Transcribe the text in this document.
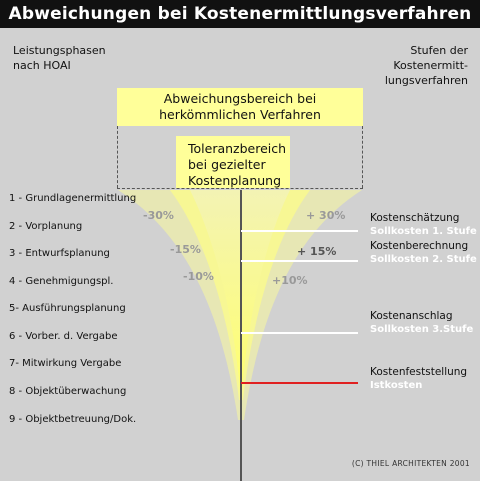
Abweichungen bei Kostenermittlungsverfahren
Leistungsphasen
nach HOAI
Stufen der
Kostenermitt-
lungsverfahren
Abweichungsbereich bei
herkömmlichen Verfahren
Toleranzbereich
bei gezielter
Kostenplanung
1 - Grundlagenermittlung
2 - Vorplanung
3 - Entwurfsplanung
4 - Genehmigungspl.
5- Ausführungsplanung
6 - Vorber. d. Vergabe
7- Mitwirkung Vergabe
8 - Objektüberwachung
9 - Objektbetreuung/Dok.
-30%
-15%
-10%
+ 30%
+ 15%
+10%
Kostenschätzung
Sollkosten 1. Stufe
Kostenberechnung
Sollkosten 2. Stufe
Kostenanschlag
Sollkosten 3.Stufe
Kostenfeststellung
Istkosten
(C) THIEL ARCHITEKTEN 2001
